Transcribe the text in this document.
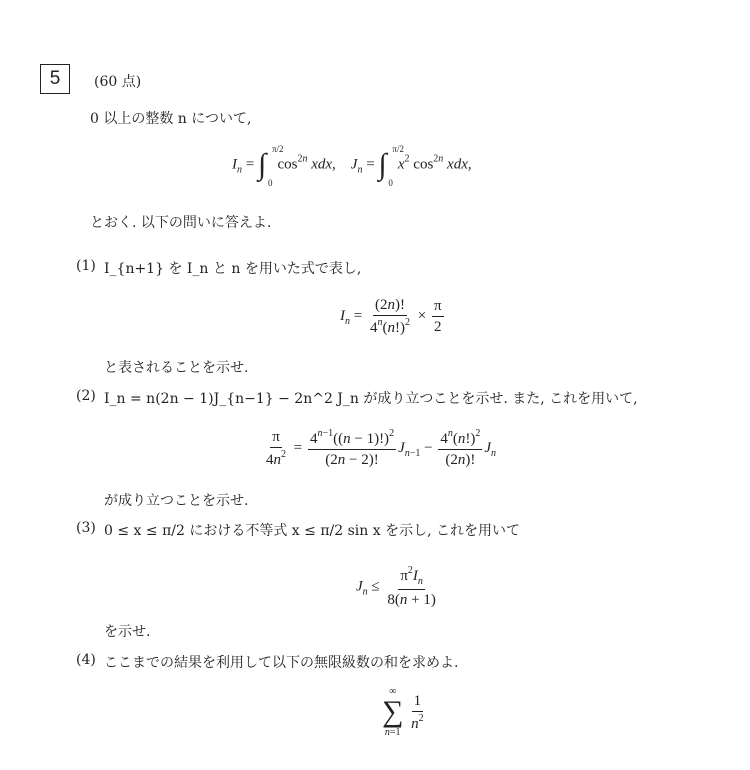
5 (60 点)
0 以上の整数 n について,
$I_n$ = ∫ π/2
0
$\cos^{2n}$ xdx,    $J_n$ = ∫ π/2
0
$x^2$ $\cos^{2n}$ xdx,
とおく. 以下の問いに答えよ.
(1) I_{n+1} を I_n と n を用いた式で表し,
$I_n = \frac{(2n)!}{4^n(n!)^2} \times \frac{\pi}{2}$
と表されることを示せ.
(2) I_n = n(2n − 1)J_{n−1} − 2n^2 J_n が成り立つことを示せ. また, これを用いて,
$\frac{\pi}{4n^2} = \frac{4^{n-1}((n - 1)!)^2}{(2n - 2)!} J_{n-1} - \frac{4^n(n!)^2}{(2n)!} J_n$
が成り立つことを示せ.
(3) 0 ≤ x ≤ π/2 における不等式 x ≤ π/2 sin x を示し, これを用いて
$J_n \le \frac{\pi^2I_n}{8(n + 1)}$
を示せ.
(4) ここまでの結果を利用して以下の無限級数の和を求めよ.
∞
∑
n=1
$\frac{1}{n^2}$
